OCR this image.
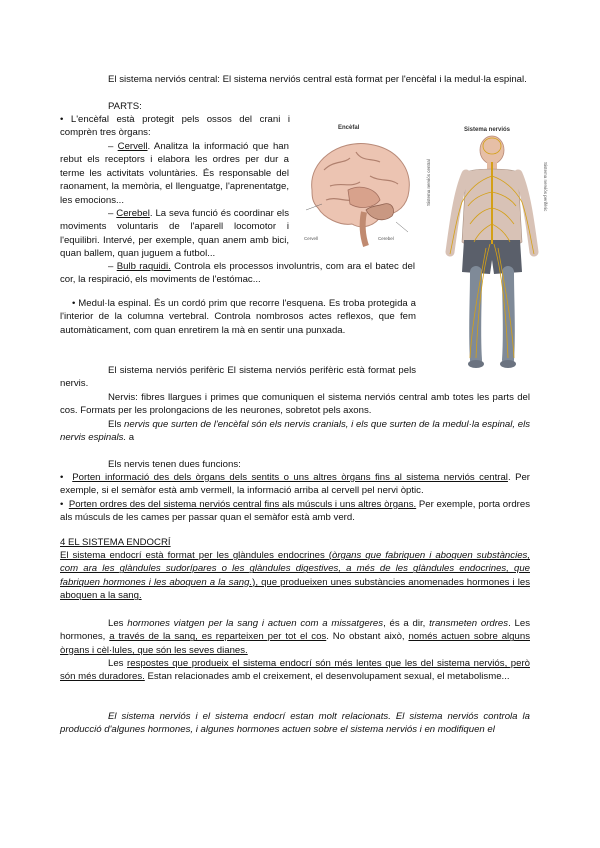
El sistema nerviós central: El sistema nerviós central està format per l'encèfal i la medul·la espinal.

PARTS:

• L'encèfal està protegit pels ossos del crani i comprèn tres òrgans:

– Cervell. Analitza la informació que han rebut els receptors i elabora les ordres per dur a terme les activitats voluntàries. És responsable del raonament, la memòria, el llenguatge, l'aprenentatge, les emocions...

– Cerebel. La seva funció és coordinar els moviments voluntaris de l'aparell locomotor i l'equilibri. Intervé, per exemple, quan anem amb bici, quan ballem, quan juguem a futbol...

– Bulb raquidi. Controla els processos involuntris, com ara el batec del cor, la respiració, els moviments de l'estómac...

Encèfal
Cervell	Cerebel
Sistema nerviós
Sistema nerviós central	Sistema nerviós perifèric

• Medul·la espinal. És un cordó prim que recorre l'esquena. Es troba protegida a l'interior de la columna vertebral. Controla nombrosos actes reflexos, que fem automàticament, com quan enretirem la mà en sentir una punxada.

El sistema nerviós perifèric El sistema nerviós perifèric està format pels nervis.

Nervis: fibres llargues i primes que comuniquen el sistema nerviós central amb totes les parts del cos. Formats per les prolongacions de les neurones, sobretot pels axons.

Els nervis que surten de l'encèfal són els nervis cranials, i els que surten de la medul·la espinal, els nervis espinals. a

Els nervis tenen dues funcions:

•  Porten informació des dels òrgans dels sentits o uns altres òrgans fins al sistema nerviós central. Per exemple, si el semàfor està amb vermell, la informació arriba al cervell pel nervi òptic.

•  Porten ordres des del sistema nerviós central fins als músculs i uns altres òrgans. Per exemple, porta ordres als músculs de les cames per passar quan el semàfor està amb verd.

4 EL SISTEMA ENDOCRÍ

El sistema endocrí està format per les glàndules endocrines (òrgans que fabriquen i aboquen substàncies, com ara les glàndules sudorípares o les glàndules digestives, a més de les glàndules endocrines, que fabriquen hormones i les aboquen a la sang.), que produeixen unes substàncies anomenades hormones i les aboquen a la sang.

Les hormones viatgen per la sang i actuen com a missatgeres, és a dir, transmeten ordres. Les hormones, a través de la sang, es reparteixen per tot el cos. No obstant això, només actuen sobre alguns òrgans i cèl·lules, que són les seves dianes.

Les respostes que produeix el sistema endocrí són més lentes que les del sistema nerviós, però són més duradores. Estan relacionades amb el creixement, el desenvolupament sexual, el metabolisme...

El sistema nerviós i el sistema endocrí estan molt relacionats. El sistema nerviós controla la producció d'algunes hormones, i algunes hormones actuen sobre el sistema nerviós i en modifiquen el
